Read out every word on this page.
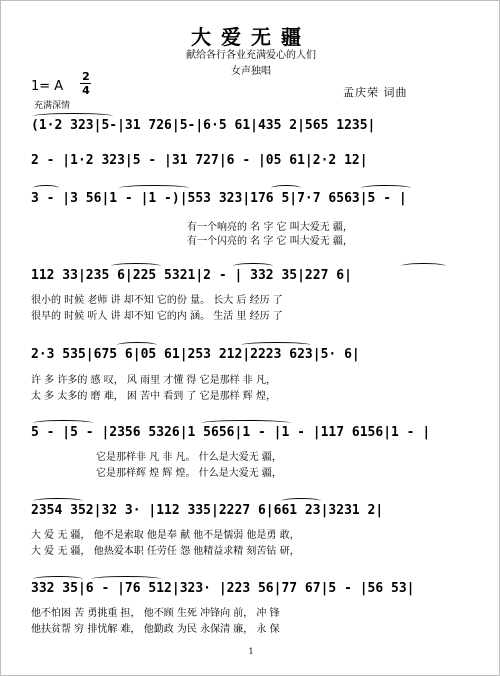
大爱无疆
献给各行各业充满爱心的人们
女声独唱
1= A
2
4
充满深情
孟庆荣 词曲
(1·2 323|5-|31 726|5-|6·5 61|435 2|565 1235|
2 - |1·2 323|5 - |31 727|6 - |05 61|2·2 12|
3 - |3 56|1 - |1 -)|553 323|176 5|7·7 6563|5 - |
有一个响亮的 名 字 它 叫大爱无 疆，
有一个闪亮的 名 字 它 叫大爱无 疆，
112 33|235 6|225 5321|2 - | 332 35|227 6|
很小的 时候 老师 讲 却不知 它的份 量。 长大 后 经历 了
很早的 时候 听人 讲 却不知 它的内 涵。 生活 里 经历 了
2·3 535|675 6|05 61|253 212|2223 623|5· 6|
许 多 许多的 感 叹， 风 雨里 才懂 得 它是那样 非 凡，
太 多 太多的 磨 难， 困 苦中 看到 了 它是那样 辉 煌，
5 - |5 - |2356 5326|1 5656|1 - |1 - |117 6156|1 - |
它是那样非 凡 非 凡。 什么是大爱无 疆，
它是那样辉 煌 辉 煌。 什么是大爱无 疆，
2354 352|32 3· |112 335|2227 6|661 23|3231 2|
大 爱 无 疆， 他不是索取 他是奉 献 他不是懦弱 他是勇 敢，
大 爱 无 疆， 他热爱本职 任劳任 怨 他精益求精 刻苦钻 研，
332 35|6 - |76 512|323· |223 56|77 67|5 - |56 53|
他不怕困 苦 勇挑重 担， 他不顾 生死 冲锋向 前， 冲 锋
他扶贫帮 穷 排忧解 难， 他勤政 为民 永保清 廉， 永 保
1
